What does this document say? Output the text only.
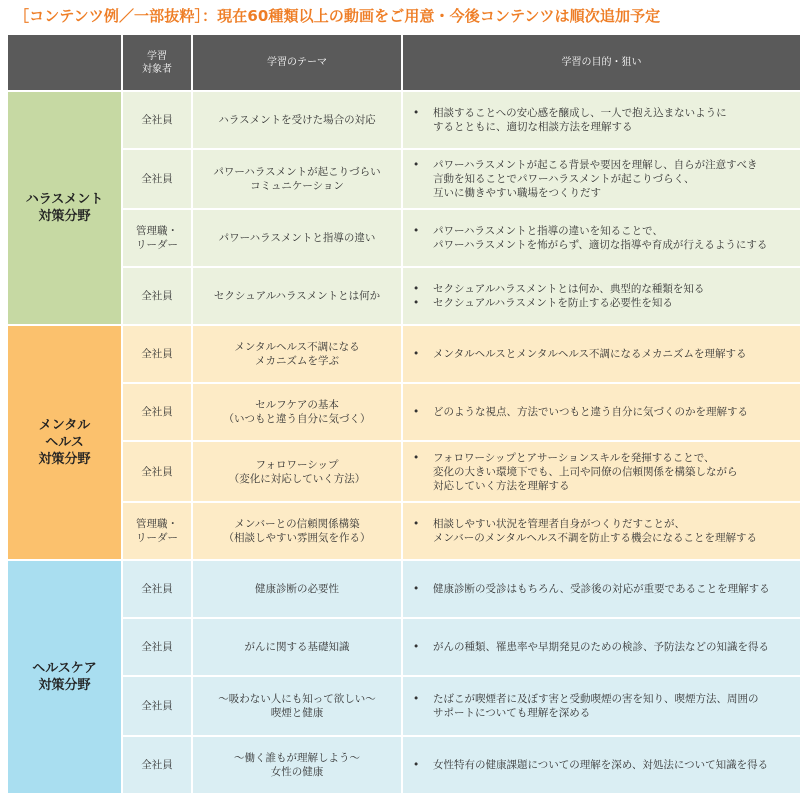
［コンテンツ例／一部抜粋］：現在60種類以上の動画をご用意・今後コンテンツは順次追加予定

	学習
対象者	学習のテーマ	学習の目的・狙い

ハラスメント
対策分野	全社員	ハラスメントを受けた場合の対応	• 相談することへの安心感を醸成し、一人で抱え込まないように
するとともに、適切な相談方法を理解する

	全社員	パワーハラスメントが起こりづらい
コミュニケーション	• パワーハラスメントが起こる背景や要因を理解し、自らが注意すべき
言動を知ることでパワーハラスメントが起こりづらく、
互いに働きやすい職場をつくりだす

	管理職・
リーダー	パワーハラスメントと指導の違い	• パワーハラスメントと指導の違いを知ることで、
パワーハラスメントを怖がらず、適切な指導や育成が行えるようにする

	全社員	セクシュアルハラスメントとは何か	• セクシュアルハラスメントとは何か、典型的な種類を知る
• セクシュアルハラスメントを防止する必要性を知る

メンタル
ヘルス
対策分野	全社員	メンタルヘルス不調になる
メカニズムを学ぶ	• メンタルヘルスとメンタルヘルス不調になるメカニズムを理解する

	全社員	セルフケアの基本
（いつもと違う自分に気づく）	• どのような視点、方法でいつもと違う自分に気づくのかを理解する

	全社員	フォロワーシップ
（変化に対応していく方法）	• フォロワーシップとアサーションスキルを発揮することで、
変化の大きい環境下でも、上司や同僚の信頼関係を構築しながら
対応していく方法を理解する

	管理職・
リーダー	メンバーとの信頼関係構築
（相談しやすい雰囲気を作る）	• 相談しやすい状況を管理者自身がつくりだすことが、
メンバーのメンタルヘルス不調を防止する機会になることを理解する

ヘルスケア
対策分野	全社員	健康診断の必要性	• 健康診断の受診はもちろん、受診後の対応が重要であることを理解する

	全社員	がんに関する基礎知識	• がんの種類、罹患率や早期発見のための検診、予防法などの知識を得る

	全社員	～吸わない人にも知って欲しい～
喫煙と健康	• たばこが喫煙者に及ぼす害と受動喫煙の害を知り、喫煙方法、周囲の
サポートについても理解を深める

	全社員	～働く誰もが理解しよう～
女性の健康	• 女性特有の健康課題についての理解を深め、対処法について知識を得る
